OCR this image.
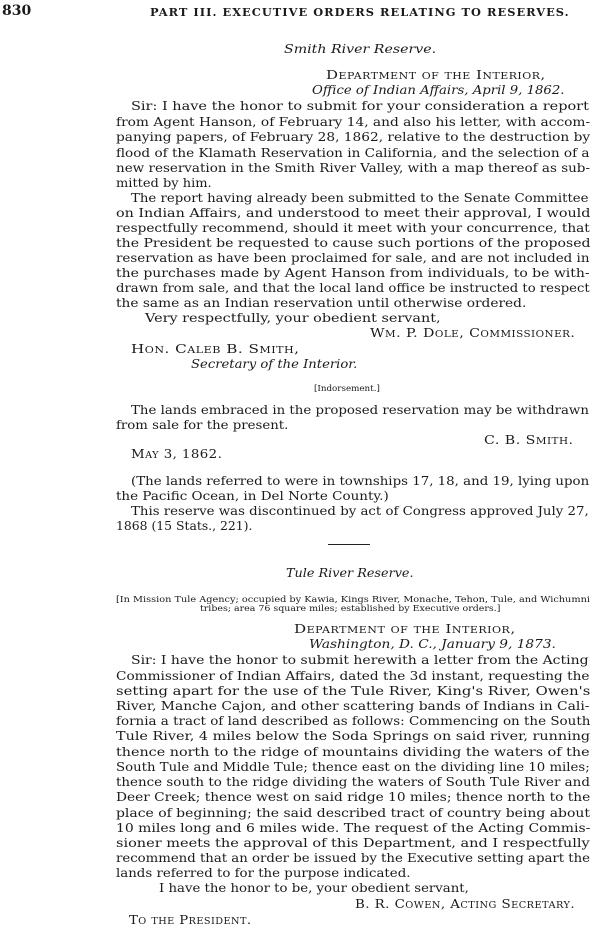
830	PART III. EXECUTIVE ORDERS RELATING TO RESERVES.
Smith River Reserve.
Department of the Interior,
Office of Indian Affairs, April 9, 1862.
Sir: I have the honor to submit for your consideration a report
from Agent Hanson, of February 14, and also his letter, with accom-
panying papers, of February 28, 1862, relative to the destruction by
flood of the Klamath Reservation in California, and the selection of a
new reservation in the Smith River Valley, with a map thereof as sub-
mitted by him.
The report having already been submitted to the Senate Committee
on Indian Affairs, and understood to meet their approval, I would
respectfully recommend, should it meet with your concurrence, that
the President be requested to cause such portions of the proposed
reservation as have been proclaimed for sale, and are not included in
the purchases made by Agent Hanson from individuals, to be with-
drawn from sale, and that the local land office be instructed to respect
the same as an Indian reservation until otherwise ordered.
Very respectfully, your obedient servant,
Wm. P. Dole, Commissioner.
Hon. Caleb B. Smith,
Secretary of the Interior.
[Indorsement.]
The lands embraced in the proposed reservation may be withdrawn
from sale for the present.
C. B. Smith.
May 3, 1862.
(The lands referred to were in townships 17, 18, and 19, lying upon
the Pacific Ocean, in Del Norte County.)
This reserve was discontinued by act of Congress approved July 27,
1868 (15 Stats., 221).
Tule River Reserve.
[In Mission Tule Agency; occupied by Kawia, Kings River, Monache, Tehon, Tule, and Wichumni
tribes; area 76 square miles; established by Executive orders.]
Department of the Interior,
Washington, D. C., January 9, 1873.
Sir: I have the honor to submit herewith a letter from the Acting
Commissioner of Indian Affairs, dated the 3d instant, requesting the
setting apart for the use of the Tule River, King's River, Owen's
River, Manche Cajon, and other scattering bands of Indians in Cali-
fornia a tract of land described as follows: Commencing on the South
Tule River, 4 miles below the Soda Springs on said river, running
thence north to the ridge of mountains dividing the waters of the
South Tule and Middle Tule; thence east on the dividing line 10 miles;
thence south to the ridge dividing the waters of South Tule River and
Deer Creek; thence west on said ridge 10 miles; thence north to the
place of beginning; the said described tract of country being about
10 miles long and 6 miles wide. The request of the Acting Commis-
sioner meets the approval of this Department, and I respectfully
recommend that an order be issued by the Executive setting apart the
lands referred to for the purpose indicated.
I have the honor to be, your obedient servant,
B. R. Cowen, Acting Secretary.
To the President.
